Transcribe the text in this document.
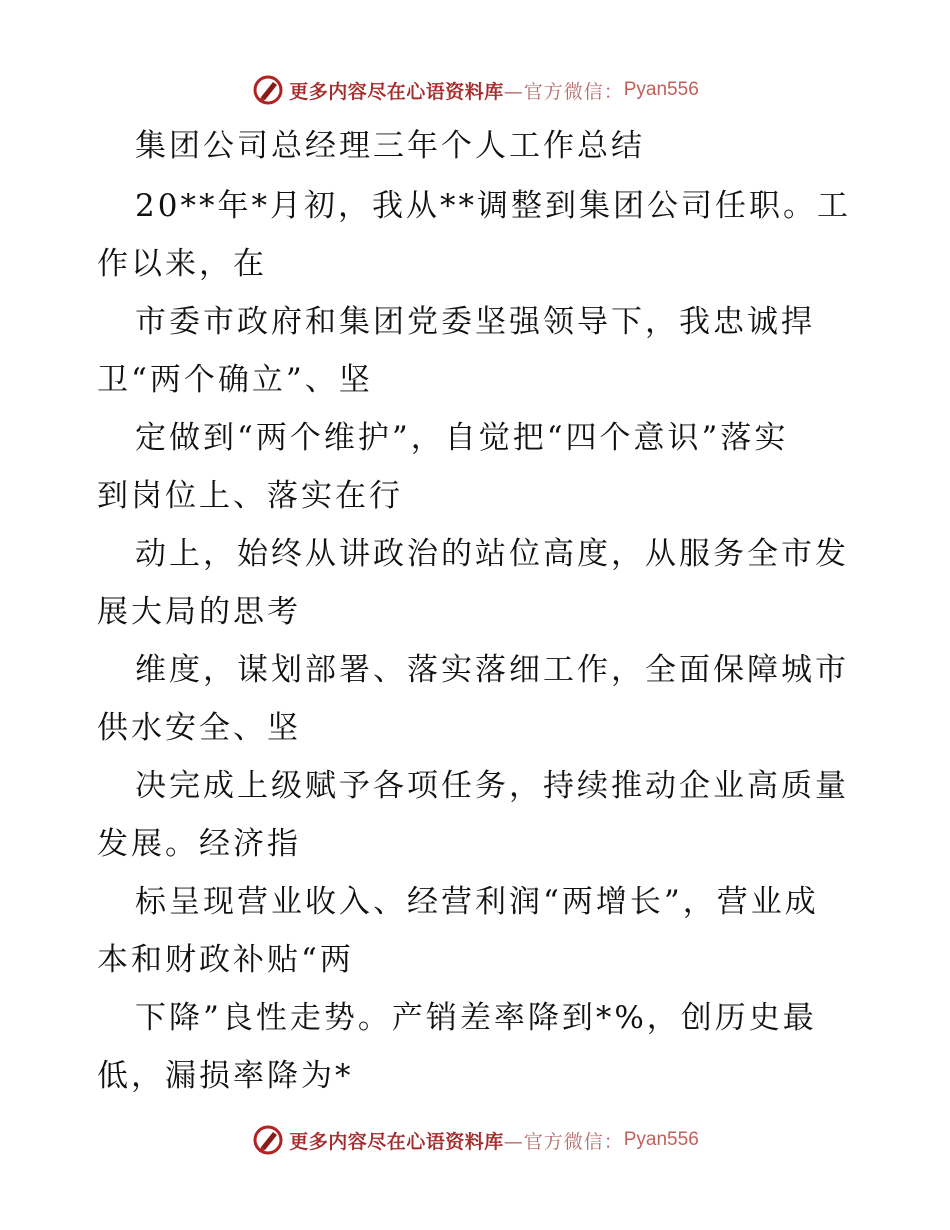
更多内容尽在心语资料库 —官方微信： Pyan556
集团公司总经理三年个人工作总结
20**年*月初，我从**调整到集团公司任职。工
作以来，在
市委市政府和集团党委坚强领导下，我忠诚捍
卫“两个确立”、坚
定做到“两个维护”，自觉把“四个意识”落实
到岗位上、落实在行
动上，始终从讲政治的站位高度，从服务全市发
展大局的思考
维度，谋划部署、落实落细工作，全面保障城市
供水安全、坚
决完成上级赋予各项任务，持续推动企业高质量
发展。经济指
标呈现营业收入、经营利润“两增长”，营业成
本和财政补贴“两
下降”良性走势。产销差率降到*%，创历史最
低，漏损率降为*
更多内容尽在心语资料库 —官方微信： Pyan556
